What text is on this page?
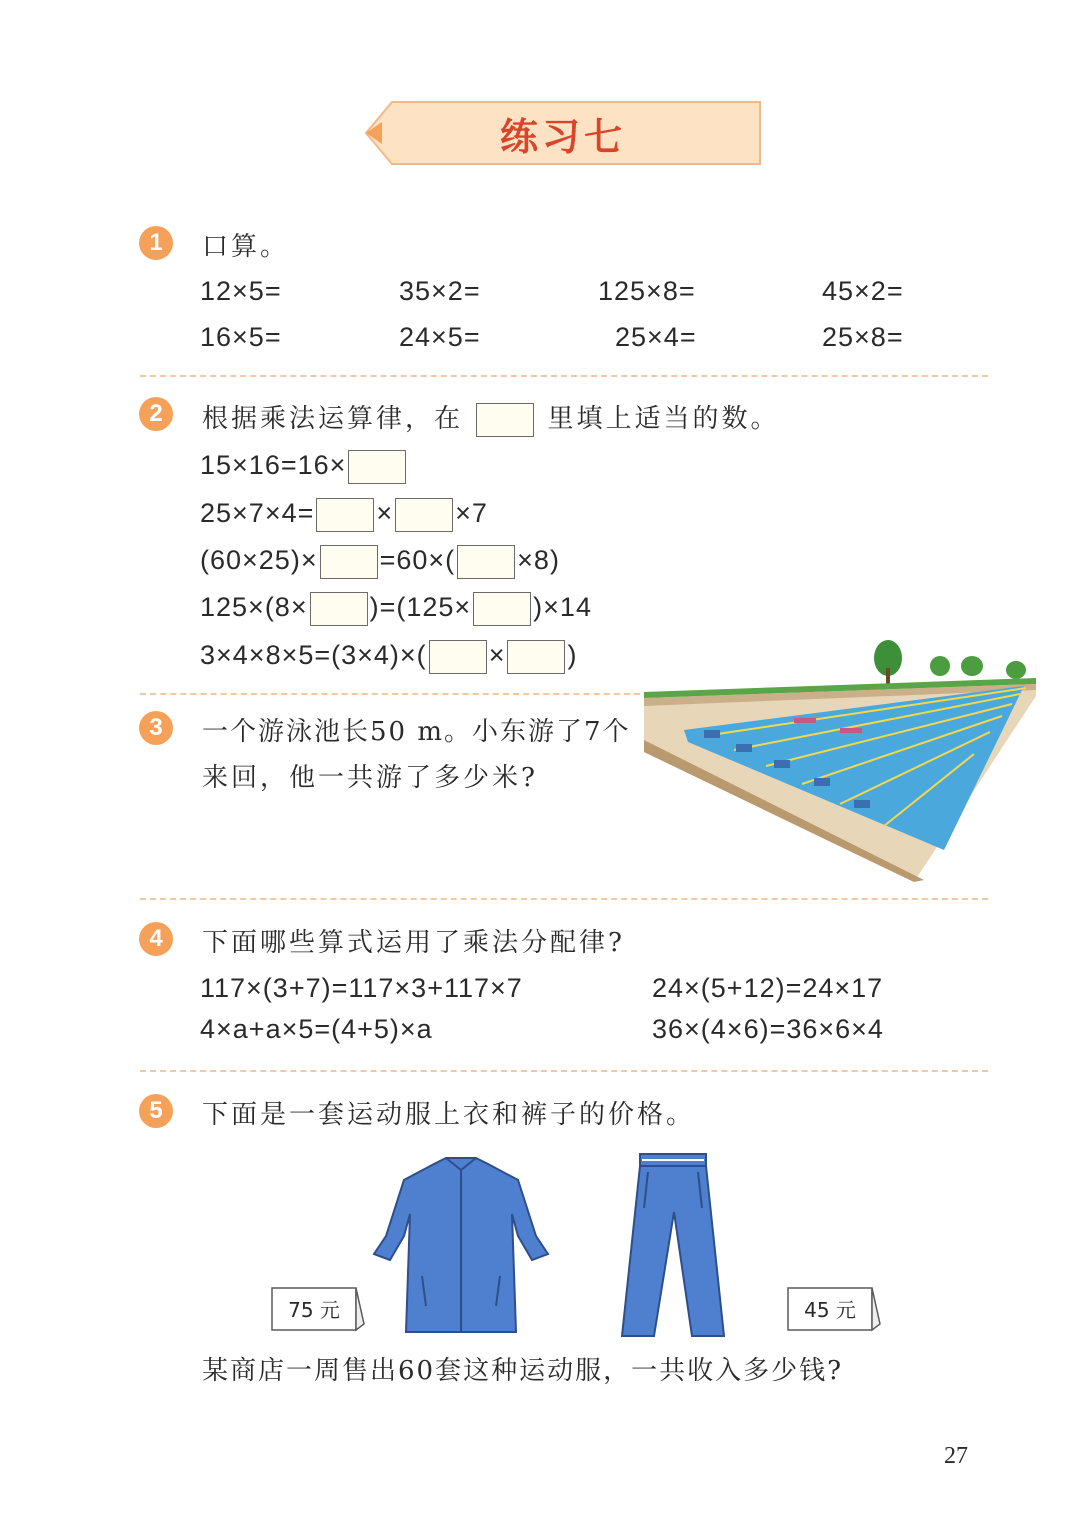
练习七
1	口算。
12×5=	35×2=	125×8=	45×2=
16×5=	24×5=	25×4=	25×8=
2	根据乘法运算律，在	里填上适当的数。
15×16=16×
25×7×4= × ×7
(60×25)× =60×( ×8)
125×(8× )=(125× )×14
3×4×8×5=(3×4)×( × )
3	一个游泳池长50 m。小东游了7个
来回，他一共游了多少米?
4	下面哪些算式运用了乘法分配律?
117×(3+7)=117×3+117×7	24×(5+12)=24×17
4×a+a×5=(4+5)×a	36×(4×6)=36×6×4
5	下面是一套运动服上衣和裤子的价格。
75 元	45 元
某商店一周售出60套这种运动服，一共收入多少钱?
27
